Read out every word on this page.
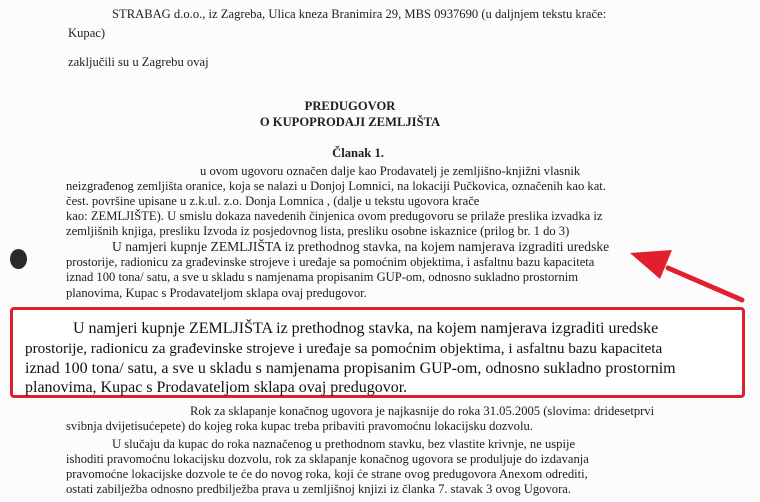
STRABAG d.o.o., iz Zagreba, Ulica kneza Branimira 29, MBS 0937690 (u daljnjem tekstu krače:
Kupac)
zaključili su u Zagrebu ovaj
PREDUGOVOR
O KUPOPRODAJI ZEMLJIŠTA
Članak 1.
u ovom ugovoru označen dalje kao Prodavatelj je zemljišno-knjižni vlasnik
neizgrađenog zemljišta oranice, koja se nalazi u Donjoj Lomnici, na lokaciji Pučkovica, označenih kao kat.
čest. površine upisane u z.k.ul. z.o. Donja Lomnica , (dalje u tekstu ugovora krače
kao: ZEMLJIŠTE). U smislu dokaza navedenih činjenica ovom predugovoru se prilaže preslika izvadka iz
zemljišnih knjiga, presliku Izvoda iz posjedovnog lista, presliku osobne iskaznice (prilog br. 1 do 3)
U namjeri kupnje ZEMLJIŠTA iz prethodnog stavka, na kojem namjerava izgraditi uredske
prostorije, radionicu za građevinske strojeve i uređaje sa pomoćnim objektima, i asfaltnu bazu kapaciteta
iznad 100 tona/ satu, a sve u skladu s namjenama propisanim GUP-om, odnosno sukladno prostornim
planovima, Kupac s Prodavateljom sklapa ovaj predugovor.
Rok za sklapanje konačnog ugovora je najkasnije do roka 31.05.2005 (slovima: dridesetprvi
svibnja dvijetisućepete) do kojeg roka kupac treba pribaviti pravomoćnu lokacijsku dozvolu.
U slučaju da kupac do roka naznačenog u prethodnom stavku, bez vlastite krivnje, ne uspije
ishoditi pravomoćnu lokacijsku dozvolu, rok za sklapanje konačnog ugovora se produljuje do izdavanja
pravomoćne lokacijske dozvole te će do novog roka, koji će strane ovog predugovora Anexom odrediti,
ostati zabilježba odnosno predbilježba prava u zemljišnoj knjizi iz članka 7. stavak 3 ovog Ugovora.
U namjeri kupnje ZEMLJIŠTA iz prethodnog stavka, na kojem namjerava izgraditi uredske
prostorije, radionicu za građevinske strojeve i uređaje sa pomoćnim objektima, i asfaltnu bazu kapaciteta
iznad 100 tona/ satu, a sve u skladu s namjenama propisanim GUP-om, odnosno sukladno prostornim
planovima, Kupac s Prodavateljom sklapa ovaj predugovor.
